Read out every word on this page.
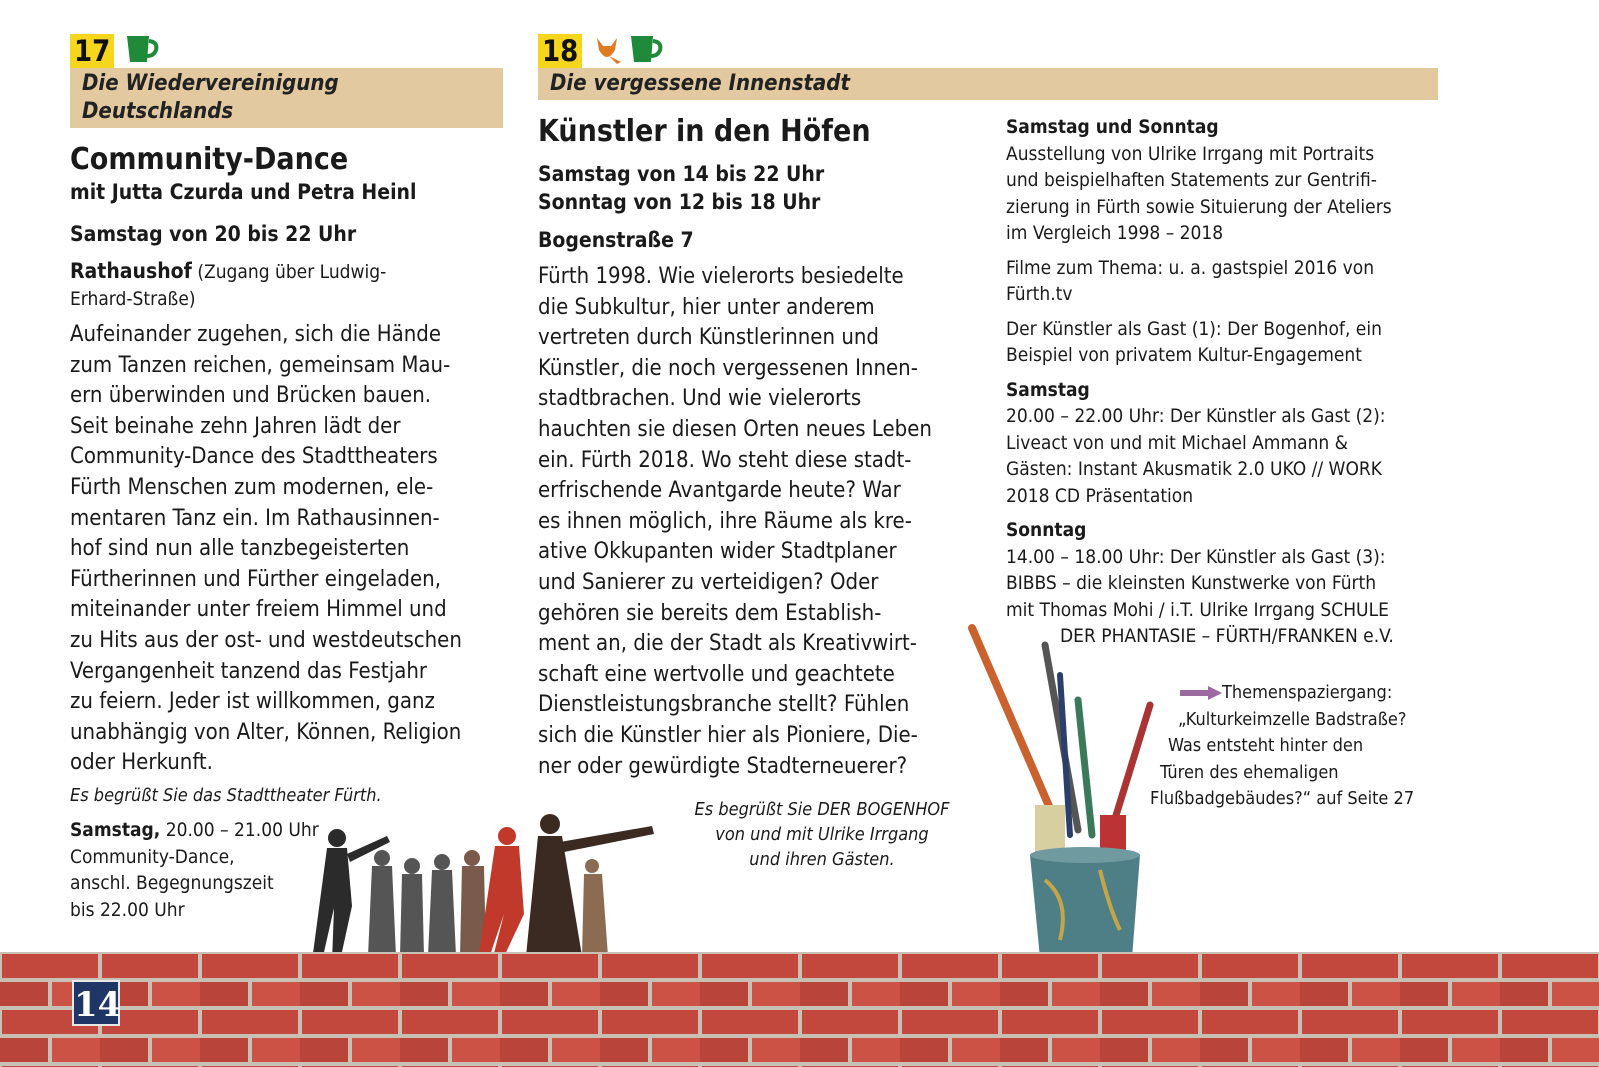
17
Die Wiedervereinigung
Deutschlands
Community-Dance
mit Jutta Czurda und Petra Heinl
Samstag von 20 bis 22 Uhr
Rathaushof (Zugang über Ludwig-
Erhard-Straße)
Aufeinander zugehen, sich die Hände
zum Tanzen reichen, gemeinsam Mau-
ern überwinden und Brücken bauen.
Seit beinahe zehn Jahren lädt der
Community-Dance des Stadttheaters
Fürth Menschen zum modernen, ele-
mentaren Tanz ein. Im Rathausinnen-
hof sind nun alle tanzbegeisterten
Fürtherinnen und Fürther eingeladen,
miteinander unter freiem Himmel und
zu Hits aus der ost- und westdeutschen
Vergangenheit tanzend das Festjahr
zu feiern. Jeder ist willkommen, ganz
unabhängig von Alter, Können, Religion
oder Herkunft.
Es begrüßt Sie das Stadttheater Fürth.
Samstag, 20.00 – 21.00 Uhr
Community-Dance,
anschl. Begegnungszeit
bis 22.00 Uhr
18
Die vergessene Innenstadt
Künstler in den Höfen
Samstag von 14 bis 22 Uhr
Sonntag von 12 bis 18 Uhr
Bogenstraße 7
Fürth 1998. Wie vielerorts besiedelte
die Subkultur, hier unter anderem
vertreten durch Künstlerinnen und
Künstler, die noch vergessenen Innen-
stadtbrachen. Und wie vielerorts
hauchten sie diesen Orten neues Leben
ein. Fürth 2018. Wo steht diese stadt-
erfrischende Avantgarde heute? War
es ihnen möglich, ihre Räume als kre-
ative Okkupanten wider Stadtplaner
und Sanierer zu verteidigen? Oder
gehören sie bereits dem Establish-
ment an, die der Stadt als Kreativwirt-
schaft eine wertvolle und geachtete
Dienstleistungsbranche stellt? Fühlen
sich die Künstler hier als Pioniere, Die-
ner oder gewürdigte Stadterneuerer?
Es begrüßt Sie DER BOGENHOF
von und mit Ulrike Irrgang
und ihren Gästen.
Samstag und Sonntag
Ausstellung von Ulrike Irrgang mit Portraits
und beispielhaften Statements zur Gentrifi-
zierung in Fürth sowie Situierung der Ateliers
im Vergleich 1998 – 2018
Filme zum Thema: u. a. gastspiel 2016 von
Fürth.tv
Der Künstler als Gast (1): Der Bogenhof, ein
Beispiel von privatem Kultur-Engagement
Samstag
20.00 – 22.00 Uhr: Der Künstler als Gast (2):
Liveact von und mit Michael Ammann &
Gästen: Instant Akusmatik 2.0 UKO // WORK
2018 CD Präsentation
Sonntag
14.00 – 18.00 Uhr: Der Künstler als Gast (3):
BIBBS – die kleinsten Kunstwerke von Fürth
mit Thomas Mohi / i.T. Ulrike Irrgang SCHULE
DER PHANTASIE – FÜRTH/FRANKEN e.V.
Themenspaziergang:
„Kulturkeimzelle Badstraße?
Was entsteht hinter den
Türen des ehemaligen
Flußbadgebäudes?“ auf Seite 27
14
